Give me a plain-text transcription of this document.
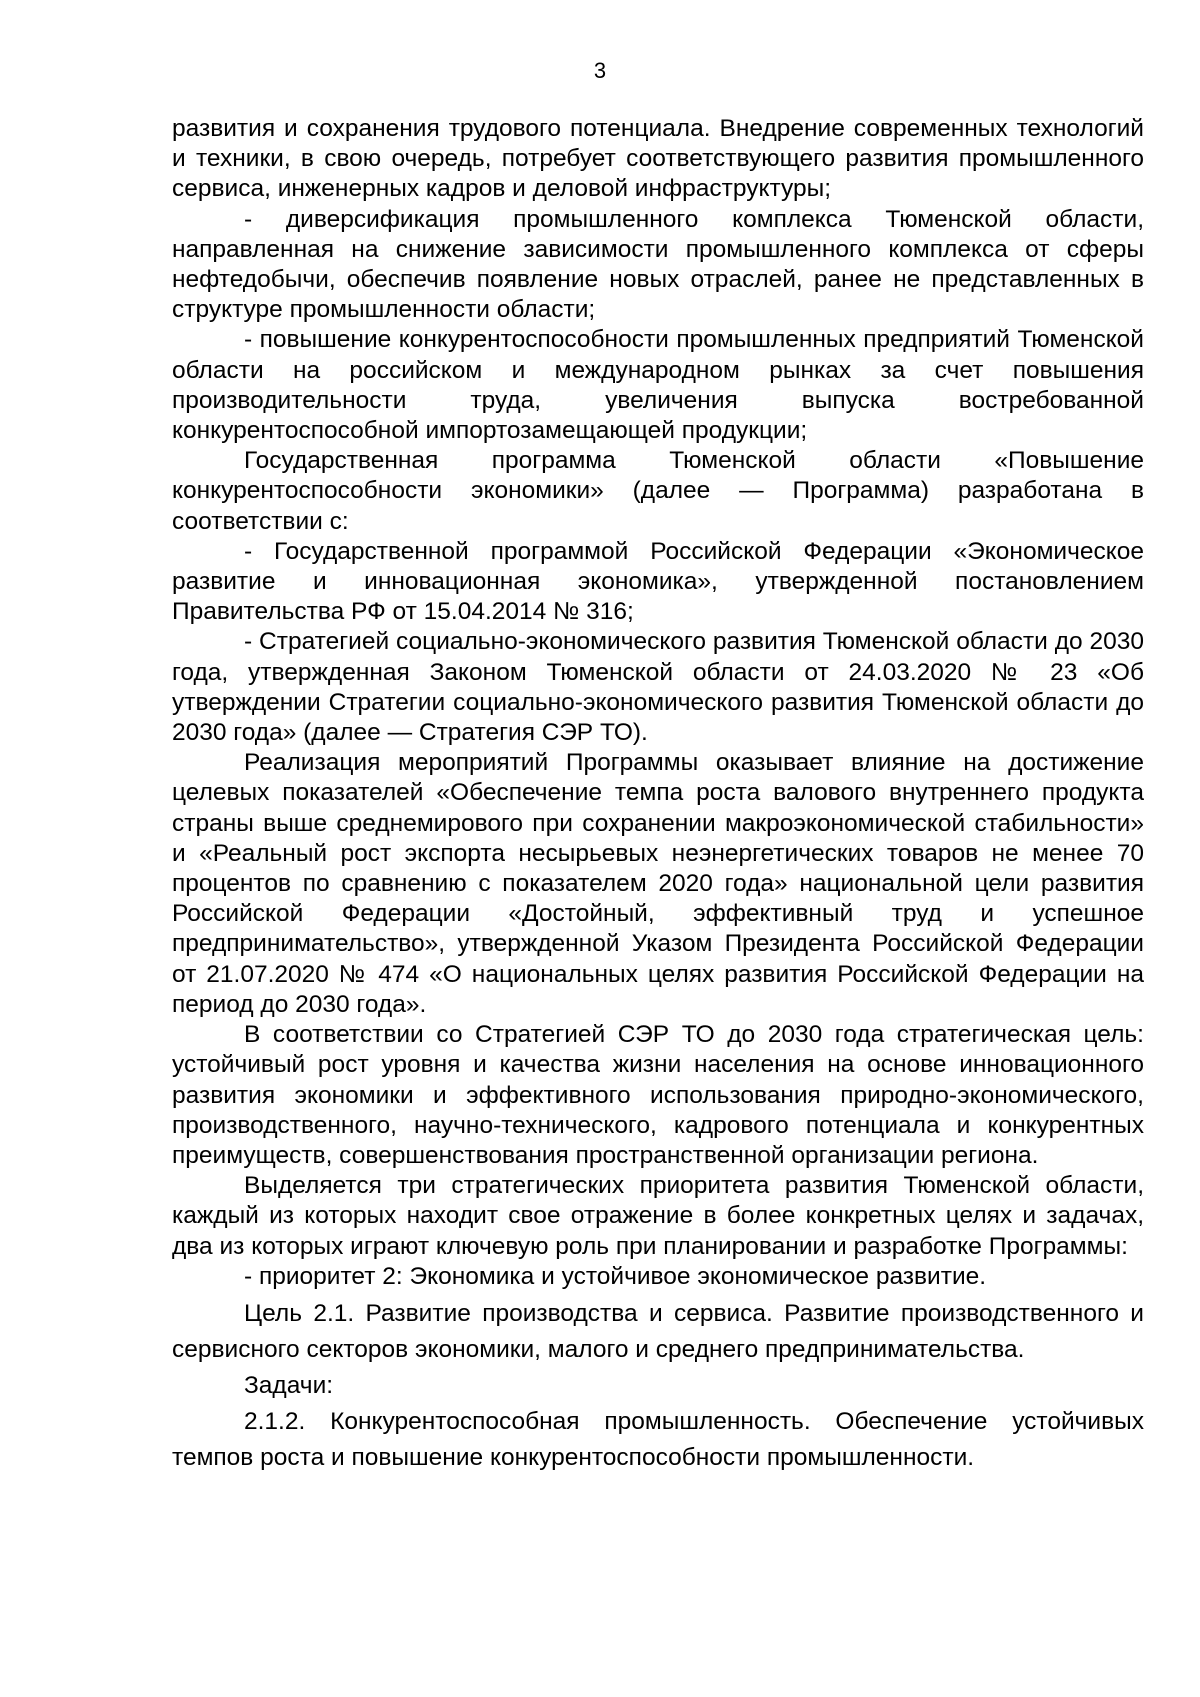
3

развития и сохранения трудового потенциала. Внедрение современных технологий и техники, в свою очередь, потребует соответствующего развития промышленного сервиса, инженерных кадров и деловой инфраструктуры;

- диверсификация промышленного комплекса Тюменской области, направленная на снижение зависимости промышленного комплекса от сферы нефтедобычи, обеспечив появление новых отраслей, ранее не представленных в структуре промышленности области;

- повышение конкурентоспособности промышленных предприятий Тюменской области на российском и международном рынках за счет повышения производительности труда, увеличения выпуска востребованной конкурентоспособной импортозамещающей продукции;

Государственная программа Тюменской области «Повышение конкурентоспособности экономики» (далее — Программа) разработана в соответствии с:

- Государственной программой Российской Федерации «Экономическое развитие и инновационная экономика», утвержденной постановлением Правительства РФ от 15.04.2014 № 316;

- Стратегией социально-экономического развития Тюменской области до 2030 года, утвержденная Законом Тюменской области от 24.03.2020 № 23 «Об утверждении Стратегии социально-экономического развития Тюменской области до 2030 года» (далее — Стратегия СЭР ТО).

Реализация мероприятий Программы оказывает влияние на достижение целевых показателей «Обеспечение темпа роста валового внутреннего продукта страны выше среднемирового при сохранении макроэкономической стабильности» и «Реальный рост экспорта несырьевых неэнергетических товаров не менее 70 процентов по сравнению с показателем 2020 года» национальной цели развития Российской Федерации «Достойный, эффективный труд и успешное предпринимательство», утвержденной Указом Президента Российской Федерации от 21.07.2020 № 474 «О национальных целях развития Российской Федерации на период до 2030 года».

В соответствии со Стратегией СЭР ТО до 2030 года стратегическая цель: устойчивый рост уровня и качества жизни населения на основе инновационного развития экономики и эффективного использования природно-экономического, производственного, научно-технического, кадрового потенциала и конкурентных преимуществ, совершенствования пространственной организации региона.

Выделяется три стратегических приоритета развития Тюменской области, каждый из которых находит свое отражение в более конкретных целях и задачах, два из которых играют ключевую роль при планировании и разработке Программы:

- приоритет 2: Экономика и устойчивое экономическое развитие.

Цель 2.1. Развитие производства и сервиса. Развитие производственного и сервисного секторов экономики, малого и среднего предпринимательства.

Задачи:

2.1.2. Конкурентоспособная промышленность. Обеспечение устойчивых темпов роста и повышение конкурентоспособности промышленности.
